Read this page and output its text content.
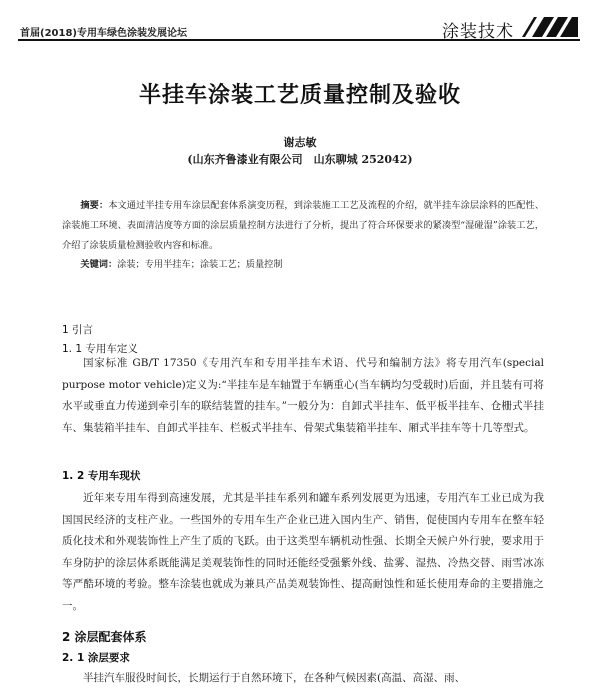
首届(2018)专用车绿色涂装发展论坛	涂装技术
半挂车涂装工艺质量控制及验收
谢志敏
(山东齐鲁漆业有限公司　山东聊城 252042)
摘要：本文通过半挂专用车涂层配套体系演变历程，到涂装施工工艺及流程的介绍，就半挂车涂层涂料的匹配性、涂装施工环境、表面清洁度等方面的涂层质量控制方法进行了分析，提出了符合环保要求的紧凑型“湿碰湿”涂装工艺，介绍了涂装质量检测验收内容和标准。
关键词：涂装；专用半挂车；涂装工艺；质量控制
1 引言
1. 1 专用车定义
国家标准 GB/T 17350《专用汽车和专用半挂车术语、代号和编制方法》将专用汽车(special purpose motor vehicle)定义为:“半挂车是车轴置于车辆重心(当车辆均匀受载时)后面，并且装有可将水平或垂直力传递到牵引车的联结装置的挂车。”一般分为：自卸式半挂车、低平板半挂车、仓栅式半挂车、集装箱半挂车、自卸式半挂车、栏板式半挂车、骨架式集装箱半挂车、厢式半挂车等十几等型式。
1. 2 专用车现状
近年来专用车得到高速发展，尤其是半挂车系列和罐车系列发展更为迅速，专用汽车工业已成为我国国民经济的支柱产业。一些国外的专用车生产企业已进入国内生产、销售，促使国内专用车在整车轻质化技术和外观装饰性上产生了质的飞跃。由于这类型车辆机动性强、长期全天候户外行驶，要求用于车身防护的涂层体系既能满足美观装饰性的同时还能经受强紫外线、盐雾、湿热、冷热交替、雨雪冰冻等严酷环境的考验。整车涂装也就成为兼具产品美观装饰性、提高耐蚀性和延长使用寿命的主要措施之一。
2 涂层配套体系
2. 1 涂层要求
半挂汽车服役时间长，长期运行于自然环境下，在各种气候因素(高温、高湿、雨、
